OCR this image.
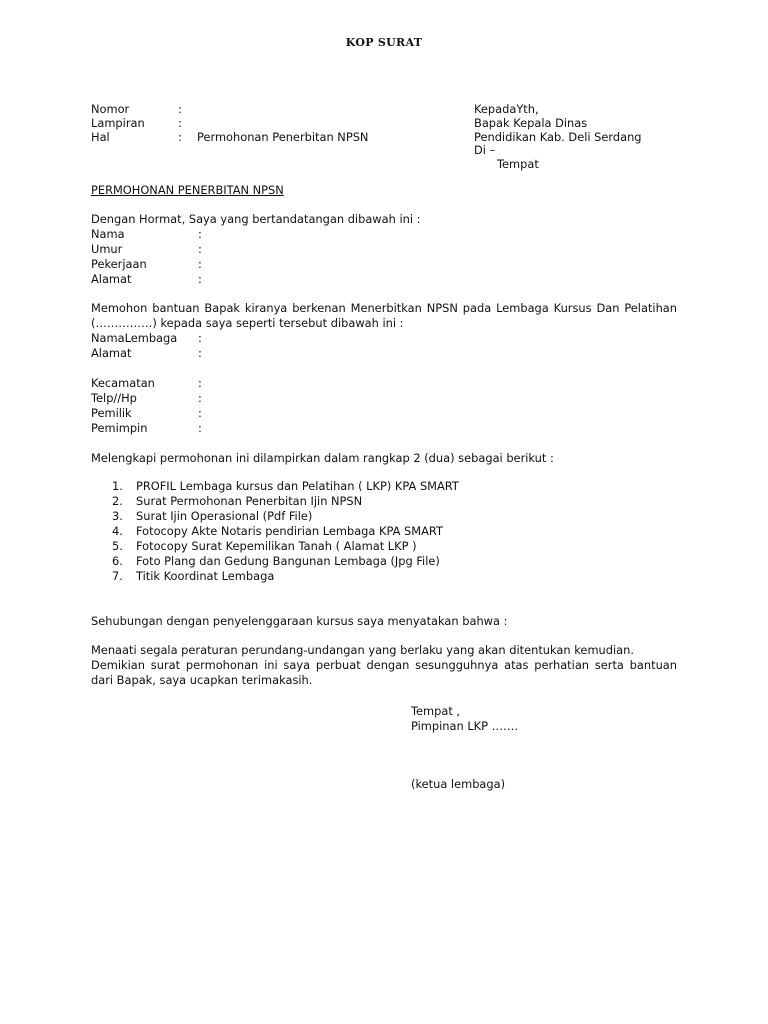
KOP SURAT
Nomor	:
Lampiran	:
Hal	: Permohonan Penerbitan NPSN
KepadaYth,
Bapak Kepala Dinas
Pendidikan Kab. Deli Serdang
Di –
Tempat
PERMOHONAN PENERBITAN NPSN
Dengan Hormat, Saya yang bertandatangan dibawah ini :
Nama	:
Umur	:
Pekerjaan	:
Alamat	:
Memohon bantuan Bapak kiranya berkenan Menerbitkan NPSN pada Lembaga Kursus Dan Pelatihan (……………) kepada saya seperti tersebut dibawah ini :
NamaLembaga :
Alamat	:
Kecamatan	:
Telp//Hp	:
Pemilik	:
Pemimpin	:
Melengkapi permohonan ini dilampirkan dalam rangkap 2 (dua) sebagai berikut :
1. PROFIL Lembaga kursus dan Pelatihan ( LKP) KPA SMART
2. Surat Permohonan Penerbitan Ijin NPSN
3. Surat Ijin Operasional (Pdf File)
4. Fotocopy Akte Notaris pendirian Lembaga KPA SMART
5. Fotocopy Surat Kepemilikan Tanah ( Alamat LKP )
6. Foto Plang dan Gedung Bangunan Lembaga (Jpg File)
7. Titik Koordinat Lembaga
Sehubungan dengan penyelenggaraan kursus saya menyatakan bahwa :
Menaati segala peraturan perundang-undangan yang berlaku yang akan ditentukan kemudian.
Demikian surat permohonan ini saya perbuat dengan sesungguhnya atas perhatian serta bantuan dari Bapak, saya ucapkan terimakasih.
Tempat ,
Pimpinan LKP …….
(ketua lembaga)
